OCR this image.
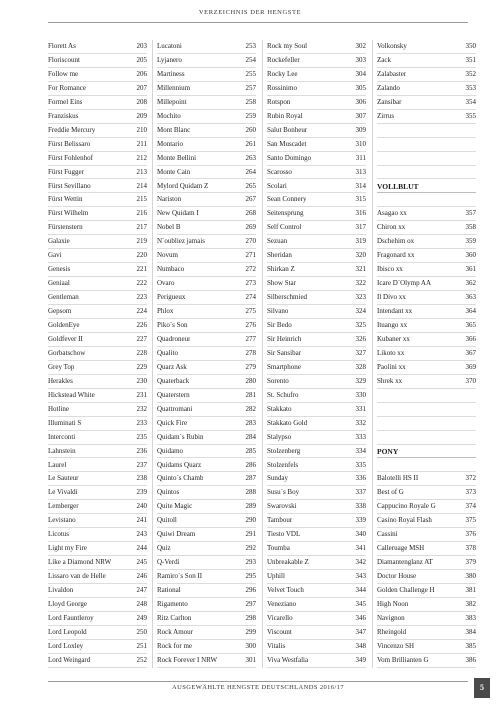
VERZEICHNIS DER HENGSTE
Florett As	203
Floriscount	205
Follow me	206
For Romance	207
Formel Eins	208
Franziskus	209
Freddie Mercury	210
Fürst Belissaro	211
Fürst Fohlenhof	212
Fürst Fugger	213
Fürst Sevillano	214
Fürst Wettin	215
Fürst Wilhelm	216
Fürstenstern	217
Galaxie	219
Gavi	220
Genesis	221
Geniaal	222
Gentleman	223
Gepsom	224
GoldenEye	226
Goldfever II	227
Gorbatschow	228
Grey Top	229
Herakles	230
Hickstead White	231
Hotline	232
Illuminati S	233
Interconti	235
Lahnstein	236
Laurel	237
Le Sauteur	238
Le Vivaldi	239
Lemberger	240
Levistano	241
Licotus	243
Light my Fire	244
Like a Diamond NRW	245
Lissaro van de Helle	246
Livaldon	247
Lloyd George	248
Lord Fauntleroy	249
Lord Leopold	250
Lord Loxley	251
Lord Weingard	252
Lucatoni	253
Lyjanero	254
Martiness	255
Millennium	257
Millepoint	258
Mochito	259
Mont Blanc	260
Montario	261
Monte Bellini	263
Monte Cain	264
Mylord Quidam Z	265
Nariston	267
New Quidam I	268
Nobel B	269
N´oubliez jamais	270
Novum	271
Numbaco	272
Ovaro	273
Perigueux	274
Phlox	275
Piko´s Son	276
Quadroneur	277
Qualito	278
Quarz Ask	279
Quaterback	280
Quaterstern	281
Quattromani	282
Quick Fire	283
Quidam´s Rubin	284
Quidamo	285
Quidams Quarz	286
Quinto´s Chamb	287
Quintos	288
Quite Magic	289
Quitoll	290
Quiwi Dream	291
Quiz	292
Q-Verdi	293
Ramiro´s Son II	295
Rational	296
Rigamento	297
Ritz Carlton	298
Rock Amour	299
Rock for me	300
Rock Forever I NRW	301
Rock my Soul	302
Rockefeller	303
Rocky Lee	304
Rossinimo	305
Rotspon	306
Rubin Royal	307
Salut Bonheur	309
San Muscadet	310
Santo Domingo	311
Scarosso	313
Scolari	314
Sean Connery	315
Seitensprung	316
Self Control	317
Sezuan	319
Sheridan	320
Shirkan Z	321
Show Star	322
Silberschmied	323
Silvano	324
Sir Bedo	325
Sir Heinrich	326
Sir Sansibar	327
Smartphone	328
Sorento	329
St. Schufro	330
Stakkato	331
Stakkato Gold	332
Stalypso	333
Stolzenberg	334
Stolzenfels	335
Sunday	336
Susu´s Boy	337
Swarovski	338
Tambour	339
Tiesto VDL	340
Toumba	341
Unbreakable Z	342
Uphill	343
Velvet Touch	344
Veneziano	345
Vicarello	346
Viscount	347
Vitalis	348
Viva Westfalia	349
Volkonsky	350
Zack	351
Zalabaster	352
Zalando	353
Zansibar	354
Zirrus	355
VOLLBLUT
Asagao xx	357
Chiron xx	358
Dschehim ox	359
Fragonard xx	360
Ibisco xx	361
Icare D´Olymp AA	362
Il Divo xx	363
Intendant xx	364
Ituango xx	365
Kubaner xx	366
Likoto xx	367
Paolini xx	369
Shrek xx	370
PONY
Balotelli HS II	372
Best of G	373
Cappucino Royale G	374
Casino Royal Flash	375
Cassini	376
Calleruage MSH	378
Diamantenglanz AT	379
Doctor House	380
Golden Challenge H	381
High Noon	382
Navignon	383
Rheingold	384
Vincenzo SH	385
Vom Brillianten G	386
AUSGEWÄHLTE HENGSTE DEUTSCHLANDS 2016/17	5
